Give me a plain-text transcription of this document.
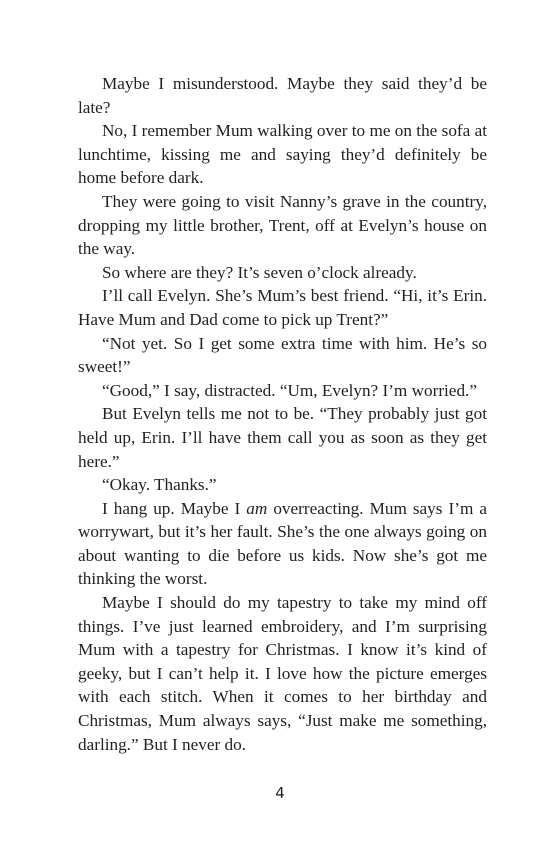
Maybe I misunderstood. Maybe they said they’d be late?

No, I remember Mum walking over to me on the sofa at lunchtime, kissing me and saying they’d definitely be home before dark.

They were going to visit Nanny’s grave in the country, dropping my little brother, Trent, off at Evelyn’s house on the way.

So where are they? It’s seven o’clock already.

I’ll call Evelyn. She’s Mum’s best friend. “Hi, it’s Erin. Have Mum and Dad come to pick up Trent?”

“Not yet. So I get some extra time with him. He’s so sweet!”

“Good,” I say, distracted. “Um, Evelyn? I’m worried.”

But Evelyn tells me not to be. “They probably just got held up, Erin. I’ll have them call you as soon as they get here.”

“Okay. Thanks.”

I hang up. Maybe I am overreacting. Mum says I’m a worrywart, but it’s her fault. She’s the one always going on about wanting to die before us kids. Now she’s got me thinking the worst.

Maybe I should do my tapestry to take my mind off things. I’ve just learned embroidery, and I’m surprising Mum with a tapestry for Christmas. I know it’s kind of geeky, but I can’t help it. I love how the picture emerges with each stitch. When it comes to her birthday and Christmas, Mum always says, “Just make me something, darling.” But I never do.

4
